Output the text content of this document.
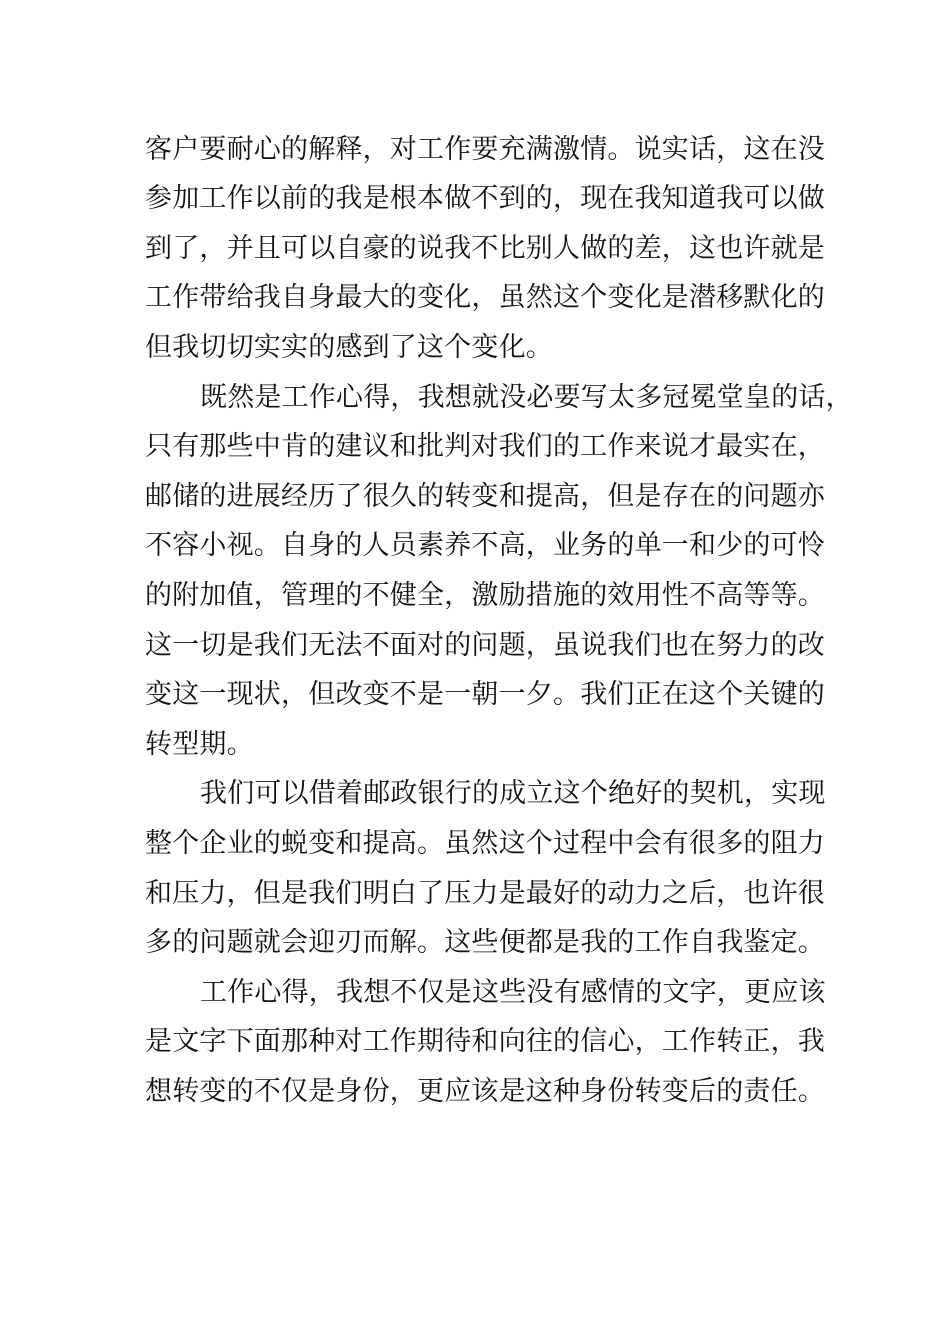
客户要耐心的解释，对工作要充满激情。说实话，这在没
参加工作以前的我是根本做不到的，现在我知道我可以做
到了，并且可以自豪的说我不比别人做的差，这也许就是
工作带给我自身最大的变化，虽然这个变化是潜移默化的
但我切切实实的感到了这个变化。
既然是工作心得，我想就没必要写太多冠冕堂皇的话，
只有那些中肯的建议和批判对我们的工作来说才最实在，
邮储的进展经历了很久的转变和提高，但是存在的问题亦
不容小视。自身的人员素养不高，业务的单一和少的可怜
的附加值，管理的不健全，激励措施的效用性不高等等。
这一切是我们无法不面对的问题，虽说我们也在努力的改
变这一现状，但改变不是一朝一夕。我们正在这个关键的
转型期。
我们可以借着邮政银行的成立这个绝好的契机，实现
整个企业的蜕变和提高。虽然这个过程中会有很多的阻力
和压力，但是我们明白了压力是最好的动力之后，也许很
多的问题就会迎刃而解。这些便都是我的工作自我鉴定。
工作心得，我想不仅是这些没有感情的文字，更应该
是文字下面那种对工作期待和向往的信心，工作转正，我
想转变的不仅是身份，更应该是这种身份转变后的责任。
